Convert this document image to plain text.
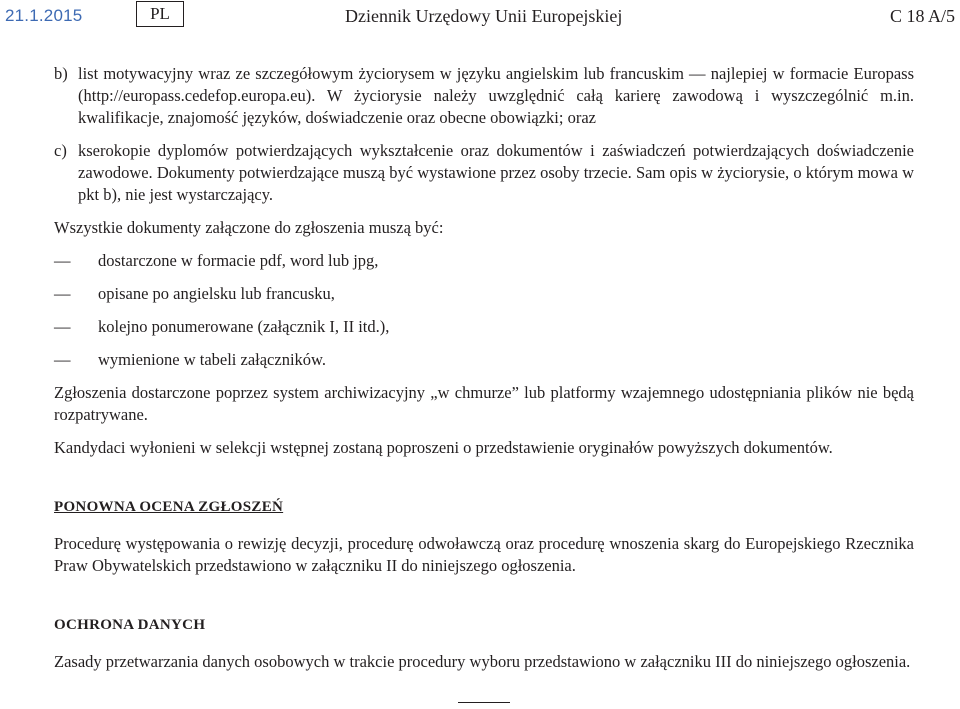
21.1.2015	PL	Dziennik Urzędowy Unii Europejskiej	C 18 A/5

b) list motywacyjny wraz ze szczegółowym życiorysem w języku angielskim lub francuskim — najlepiej w formacie Europass (http://europass.cedefop.europa.eu). W życiorysie należy uwzględnić całą karierę zawodową i wyszczególnić m.in. kwalifikacje, znajomość języków, doświadczenie oraz obecne obowiązki; oraz

c) kserokopie dyplomów potwierdzających wykształcenie oraz dokumentów i zaświadczeń potwierdzających doświadczenie zawodowe. Dokumenty potwierdzające muszą być wystawione przez osoby trzecie. Sam opis w życiorysie, o którym mowa w pkt b), nie jest wystarczający.

Wszystkie dokumenty załączone do zgłoszenia muszą być:

— dostarczone w formacie pdf, word lub jpg,
— opisane po angielsku lub francusku,
— kolejno ponumerowane (załącznik I, II itd.),
— wymienione w tabeli załączników.

Zgłoszenia dostarczone poprzez system archiwizacyjny „w chmurze” lub platformy wzajemnego udostępniania plików nie będą rozpatrywane.

Kandydaci wyłonieni w selekcji wstępnej zostaną poproszeni o przedstawienie oryginałów powyższych dokumentów.

PONOWNA OCENA ZGŁOSZEŃ

Procedurę występowania o rewizję decyzji, procedurę odwoławczą oraz procedurę wnoszenia skarg do Europejskiego Rzecznika Praw Obywatelskich przedstawiono w załączniku II do niniejszego ogłoszenia.

OCHRONA DANYCH

Zasady przetwarzania danych osobowych w trakcie procedury wyboru przedstawiono w załączniku III do niniejszego ogłoszenia.
